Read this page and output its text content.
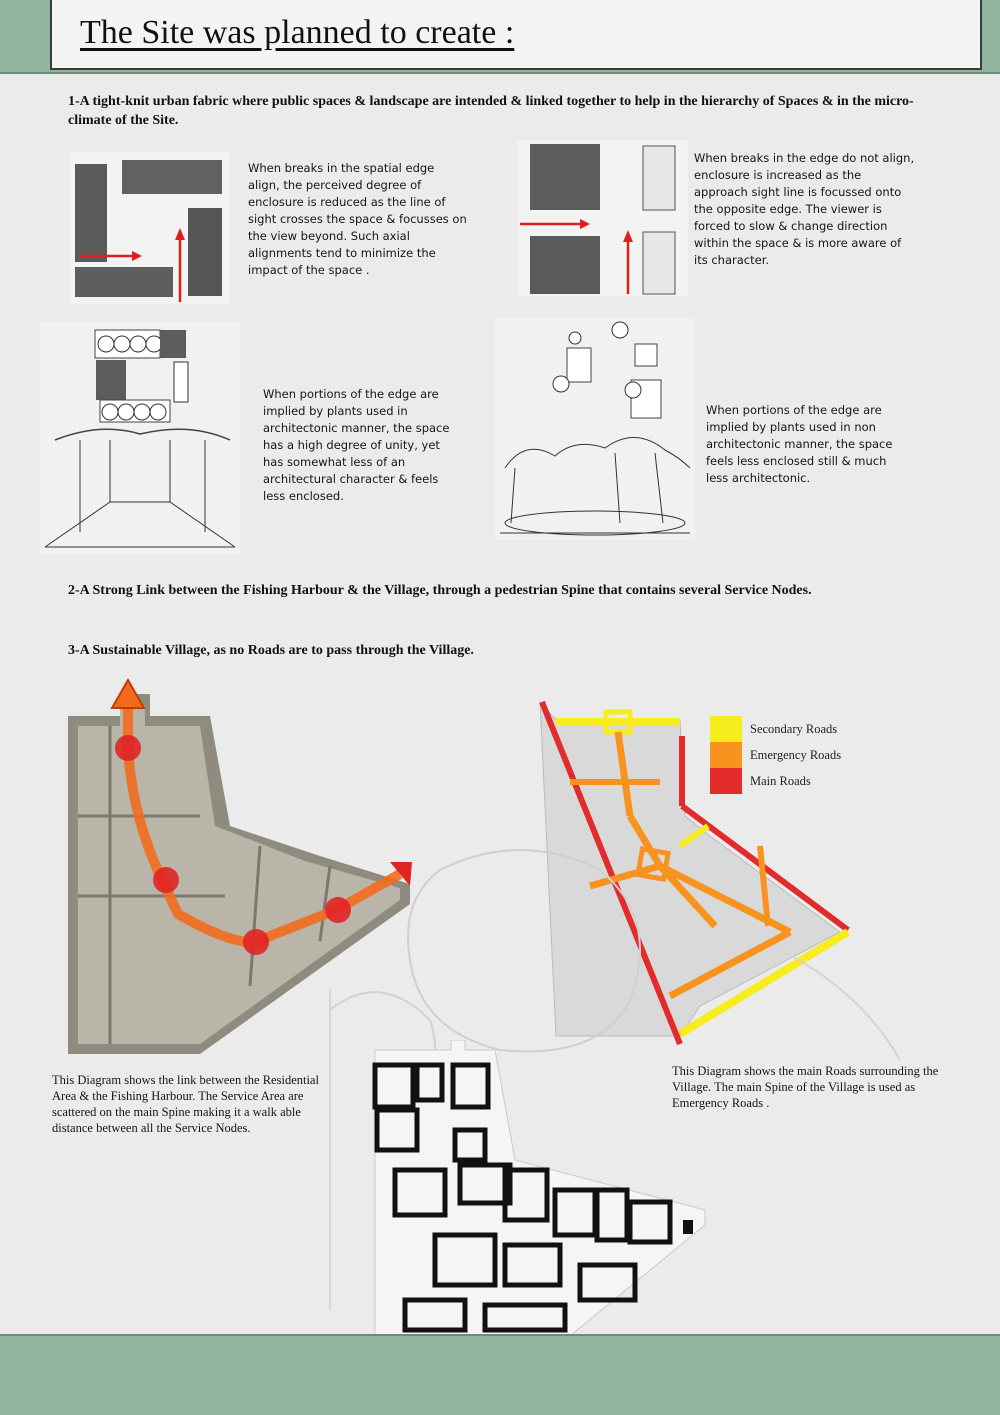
The Site was planned to create :

1-A tight-knit urban fabric where public spaces & landscape are intended & linked together to help in the hierarchy of Spaces & in the micro-climate of the Site.

When breaks in the spatial edge align, the perceived degree of enclosure is reduced as the line of sight crosses the space & focusses on the view beyond. Such axial alignments tend to minimize the impact of the space .

When breaks in the edge do not align, enclosure is increased as the approach sight line is focussed onto the opposite edge. The viewer is forced to slow & change direction within the space & is more aware of its character.

When portions of the edge are implied by plants used in architectonic manner, the space has a high degree of unity, yet has somewhat less of an architectural character & feels less enclosed.

When portions of the edge are implied by plants used in non architectonic manner, the space feels less enclosed still & much less architectonic.

2-A Strong Link between the Fishing Harbour & the Village, through a pedestrian Spine that contains several Service Nodes.

3-A Sustainable Village, as no Roads are to pass through the Village.

This Diagram shows the link between the Residential Area & the Fishing Harbour. The Service Area are scattered on the main Spine making it a walk able distance between all the Service Nodes.

Secondary Roads
Emergency Roads
Main Roads

This Diagram shows the main Roads surrounding the Village. The main Spine of the Village is used as Emergency Roads .
